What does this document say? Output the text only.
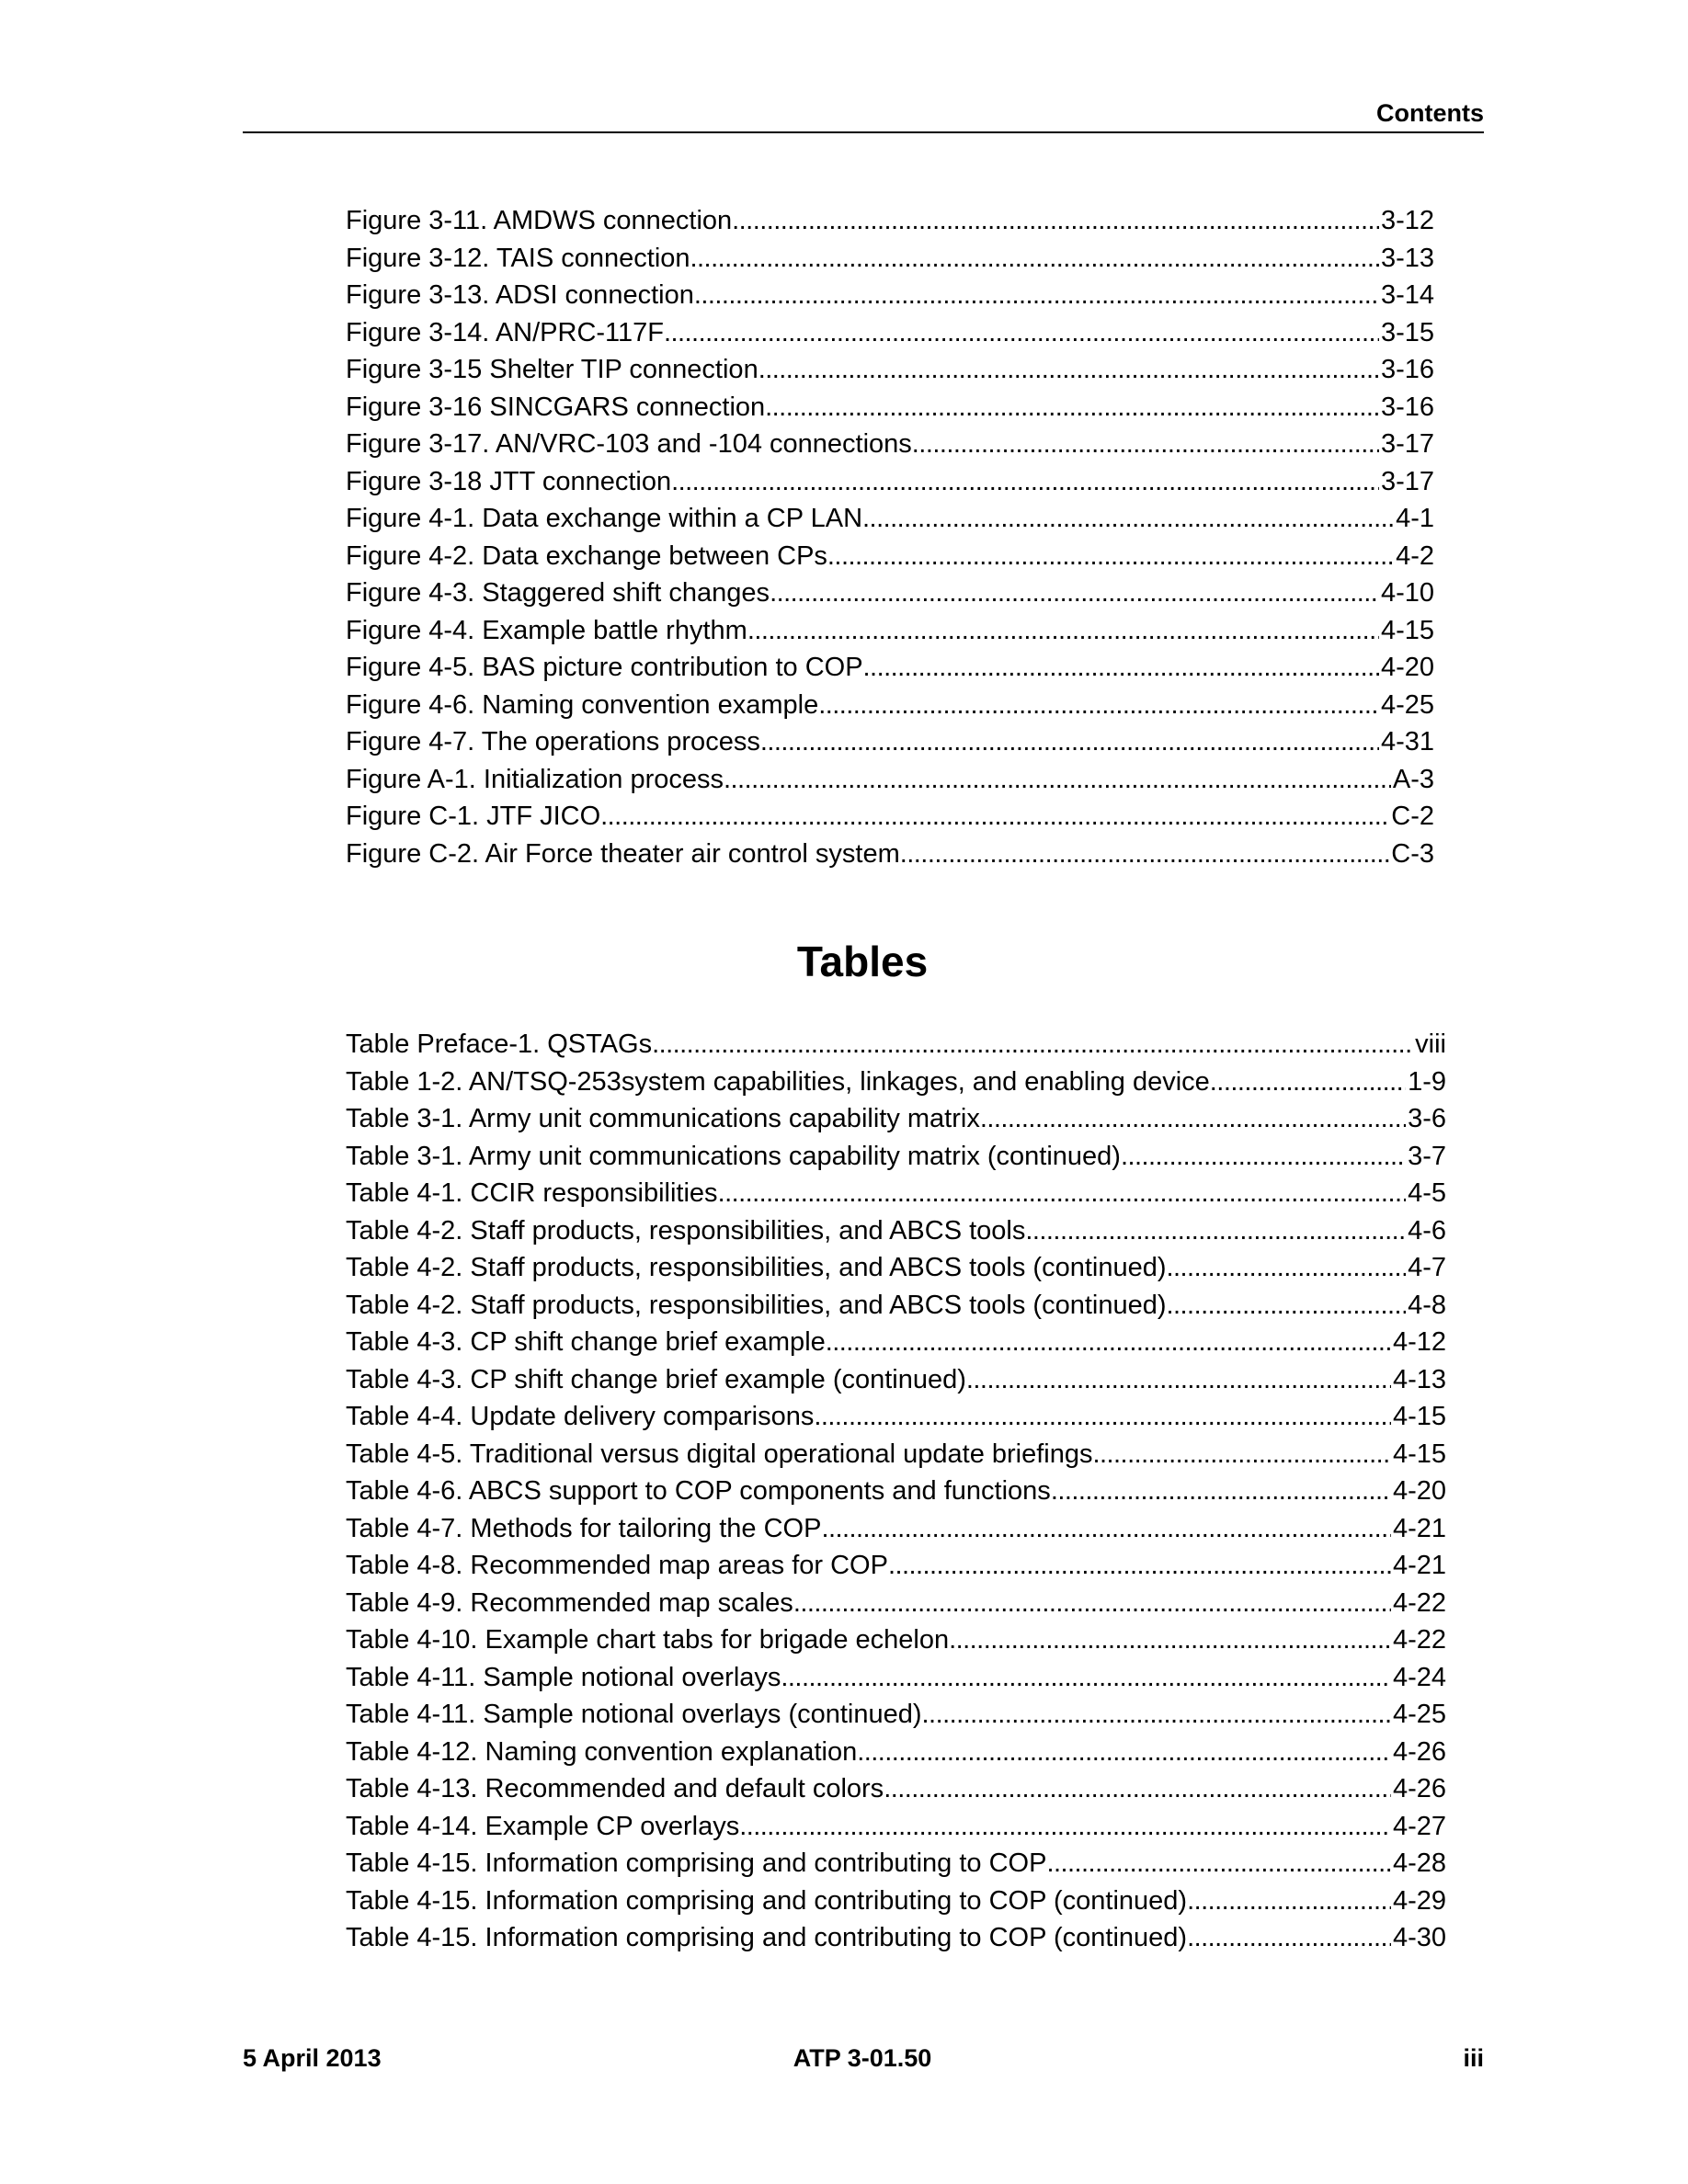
Contents
Figure 3-11. AMDWS connection . . .	3-12
Figure 3-12. TAIS connection . . .	3-13
Figure 3-13. ADSI connection . . .	3-14
Figure 3-14. AN/PRC-117F . . .	3-15
Figure 3-15 Shelter TIP connection . . .	3-16
Figure 3-16 SINCGARS connection . . .	3-16
Figure 3-17. AN/VRC-103 and -104 connections . . .	3-17
Figure 3-18 JTT connection . . .	3-17
Figure 4-1. Data exchange within a CP LAN . . .	4-1
Figure 4-2. Data exchange between CPs . . .	4-2
Figure 4-3. Staggered shift changes . . .	4-10
Figure 4-4. Example battle rhythm . . .	4-15
Figure 4-5. BAS picture contribution to COP . . .	4-20
Figure 4-6. Naming convention example . . .	4-25
Figure 4-7. The operations process . . .	4-31
Figure A-1. Initialization process . . .	A-3
Figure C-1. JTF JICO . . .	C-2
Figure C-2. Air Force theater air control system . . .	C-3
Tables
Table Preface-1. QSTAGs . . .	viii
Table 1-2. AN/TSQ-253system capabilities, linkages, and enabling device . . .	1-9
Table 3-1. Army unit communications capability matrix . . .	3-6
Table 3-1. Army unit communications capability matrix (continued) . . .	3-7
Table 4-1. CCIR responsibilities . . .	4-5
Table 4-2. Staff products, responsibilities, and ABCS tools . . .	4-6
Table 4-2. Staff products, responsibilities, and ABCS tools (continued) . . .	4-7
Table 4-2. Staff products, responsibilities, and ABCS tools (continued) . . .	4-8
Table 4-3. CP shift change brief example . . .	4-12
Table 4-3. CP shift change brief example (continued) . . .	4-13
Table 4-4. Update delivery comparisons . . .	4-15
Table 4-5. Traditional versus digital operational update briefings . . .	4-15
Table 4-6. ABCS support to COP components and functions . . .	4-20
Table 4-7. Methods for tailoring the COP . . .	4-21
Table 4-8. Recommended map areas for COP . . .	4-21
Table 4-9. Recommended map scales . . .	4-22
Table 4-10. Example chart tabs for brigade echelon . . .	4-22
Table 4-11. Sample notional overlays . . .	4-24
Table 4-11. Sample notional overlays (continued) . . .	4-25
Table 4-12. Naming convention explanation . . .	4-26
Table 4-13. Recommended and default colors . . .	4-26
Table 4-14. Example CP overlays . . .	4-27
Table 4-15. Information comprising and contributing to COP . . .	4-28
Table 4-15. Information comprising and contributing to COP (continued) . . .	4-29
Table 4-15. Information comprising and contributing to COP (continued) . . .	4-30
5 April 2013	ATP 3-01.50	iii
